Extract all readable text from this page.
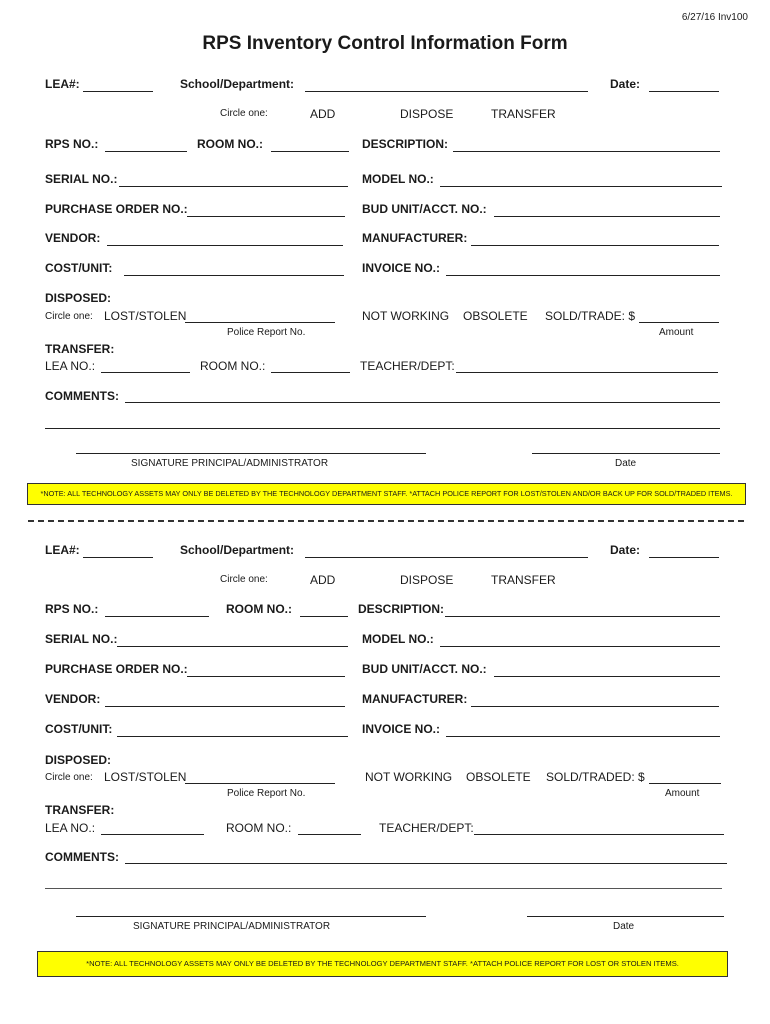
6/27/16 Inv100
RPS Inventory Control Information Form
LEA#:	School/Department:	Date:
Circle one:	ADD	DISPOSE	TRANSFER
RPS NO.:	ROOM NO.:	DESCRIPTION:
SERIAL NO.:	MODEL NO.:
PURCHASE ORDER NO.:	BUD UNIT/ACCT. NO.:
VENDOR:	MANUFACTURER:
COST/UNIT:	INVOICE NO.:
DISPOSED:
Circle one: LOST/STOLEN
Police Report No.
NOT WORKING OBSOLETE SOLD/TRADE: $
Amount
TRANSFER:
LEA NO.:	ROOM NO.:	TEACHER/DEPT:
COMMENTS:
SIGNATURE PRINCIPAL/ADMINISTRATOR	Date
*NOTE: ALL TECHNOLOGY ASSETS MAY ONLY BE DELETED BY THE TECHNOLOGY DEPARTMENT STAFF. *ATTACH POLICE REPORT FOR LOST/STOLEN AND/OR BACK UP FOR SOLD/TRADED ITEMS.
LEA#:	School/Department:	Date:
Circle one:	ADD	DISPOSE	TRANSFER
RPS NO.:	ROOM NO.:	DESCRIPTION:
SERIAL NO.:	MODEL NO.:
PURCHASE ORDER NO.:	BUD UNIT/ACCT. NO.:
VENDOR:	MANUFACTURER:
COST/UNIT:	INVOICE NO.:
DISPOSED:
Circle one: LOST/STOLEN
Police Report No.
NOT WORKING OBSOLETE SOLD/TRADED: $
Amount
TRANSFER:
LEA NO.:	ROOM NO.:	TEACHER/DEPT:
COMMENTS:
SIGNATURE PRINCIPAL/ADMINISTRATOR	Date
*NOTE: ALL TECHNOLOGY ASSETS MAY ONLY BE DELETED BY THE TECHNOLOGY DEPARTMENT STAFF. *ATTACH POLICE REPORT FOR LOST OR STOLEN ITEMS.
